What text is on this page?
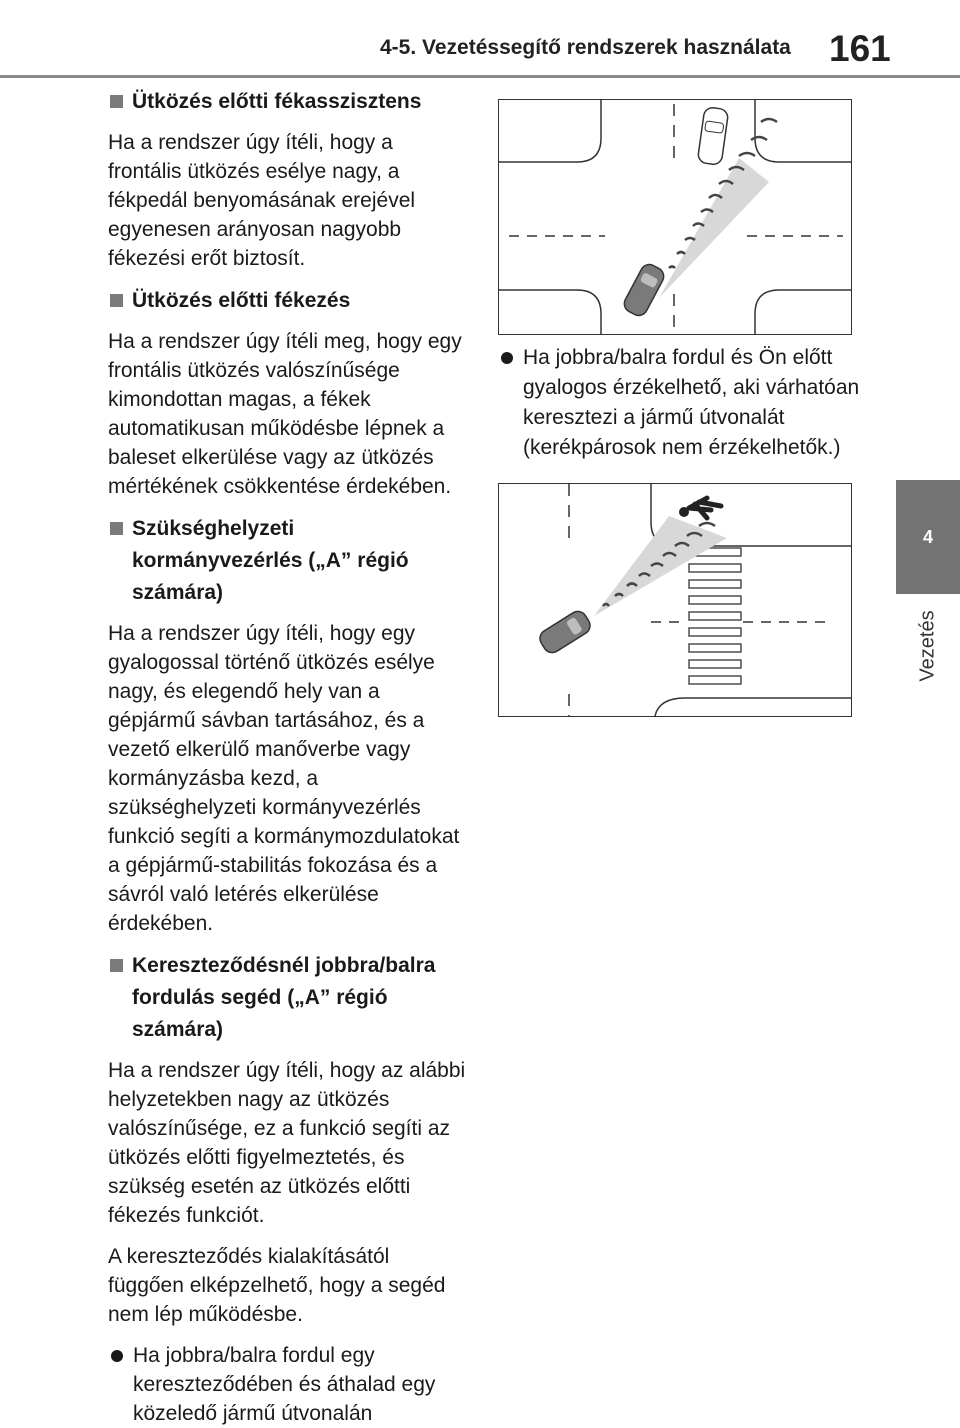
4-5. Vezetéssegítő rendszerek használata 161
4
Vezetés
Ütközés előtti fékasszisztens
Ha a rendszer úgy ítéli, hogy a frontális ütközés esélye nagy, a fékpedál benyomásának erejével egyenesen arányosan nagyobb fékezési erőt biztosít.
Ütközés előtti fékezés
Ha a rendszer úgy ítéli meg, hogy egy frontális ütközés valószínűsége kimondottan magas, a fékek automatikusan működésbe lépnek a baleset elkerülése vagy az ütközés mértékének csökkentése érdekében.
Szükséghelyzeti kormányvezérlés („A” régió számára)
Ha a rendszer úgy ítéli, hogy egy gyalogossal történő ütközés esélye nagy, és elegendő hely van a gépjármű sávban tartásához, és a vezető elkerülő manőverbe vagy kormányzásba kezd, a szükséghelyzeti kormányvezérlés funkció segíti a kormánymozdulatokat a gépjármű-stabilitás fokozása és a sávról való letérés elkerülése érdekében.
Kereszteződésnél jobbra/balra fordulás segéd („A” régió számára)
Ha a rendszer úgy ítéli, hogy az alábbi helyzetekben nagy az ütközés valószínűsége, ez a funkció segíti az ütközés előtti figyelmeztetés, és szükség esetén az ütközés előtti fékezés funkciót.
A kereszteződés kialakításától függően elképzelhető, hogy a segéd nem lép működésbe.
Ha jobbra/balra fordul egy kereszteződében és áthalad egy közeledő jármű útvonalán
Ha jobbra/balra fordul és Ön előtt gyalogos érzékelhető, aki várhatóan keresztezi a jármű útvonalát (kerékpárosok nem érzékelhetők.)
